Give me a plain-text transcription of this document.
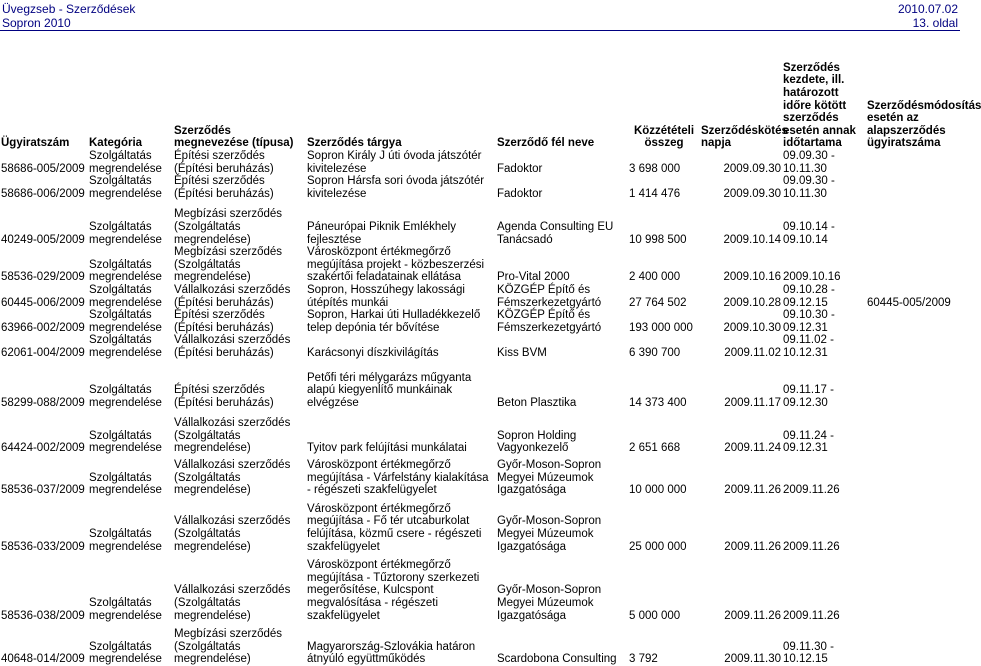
Üvegzseb - Szerződések
Sopron 2010
2010.07.02
13. oldal
Ügyiratszám	Kategória	Szerződés megnevezése (típusa)	Szerződés tárgya	Szerződő fél neve	Közzétételi összeg	Szerződéskötés napja	Szerződés kezdete, ill. határozott időre kötött szerződés esetén annak időtartama	Szerződésmódosítás esetén az alapszerződés ügyiratszáma
58686-005/2009	Szolgáltatás megrendelése	Építési szerződés (Építési beruházás)	Sopron Király J úti óvoda játszótér kivitelezése	Fadoktor	3 698 000	2009.09.30	09.09.30 - 10.11.30	
58686-006/2009	Szolgáltatás megrendelése	Építési szerződés (Építési beruházás)	Sopron Hársfa sori óvoda játszótér kivitelezése	Fadoktor	1 414 476	2009.09.30	09.09.30 - 10.11.30	

40249-005/2009	Szolgáltatás megrendelése	Megbízási szerződés (Szolgáltatás megrendelése)	Páneurópai Piknik Emlékhely fejlesztése	Agenda Consulting EU Tanácsadó	10 998 500	2009.10.14	09.10.14 - 09.10.14	
58536-029/2009	Szolgáltatás megrendelése	Megbízási szerződés (Szolgáltatás megrendelése)	Városközpont értékmegőrző megújítása projekt - közbeszerzési szakértői feladatainak ellátása	Pro-Vital 2000	2 400 000	2009.10.16	2009.10.16	
60445-006/2009	Szolgáltatás megrendelése	Vállalkozási szerződés (Építési beruházás)	Sopron, Hosszúhegy lakossági útépítés munkái	KÖZGÉP Építő és Fémszerkezetgyártó	27 764 502	2009.10.28	09.10.28 - 09.12.15	60445-005/2009
63966-002/2009	Szolgáltatás megrendelése	Építési szerződés (Építési beruházás)	Sopron, Harkai úti Hulladékkezelő telep depónia tér bővítése	KÖZGÉP Építő és Fémszerkezetgyártó	193 000 000	2009.10.30	09.10.30 - 09.12.31	
62061-004/2009	Szolgáltatás megrendelése	Vállalkozási szerződés (Építési beruházás)	Karácsonyi díszkivilágítás	Kiss BVM	6 390 700	2009.11.02	09.11.02 - 10.12.31	

58299-088/2009	Szolgáltatás megrendelése	Építési szerződés (Építési beruházás)	Petőfi téri mélygarázs műgyanta alapú kiegyenlítő munkáinak elvégzése	Beton Plasztika	14 373 400	2009.11.17	09.11.17 - 09.12.30	

64424-002/2009	Szolgáltatás megrendelése	Vállalkozási szerződés (Szolgáltatás megrendelése)	Tyitov park felújítási munkálatai	Sopron Holding Vagyonkezelő	2 651 668	2009.11.24	09.11.24 - 09.12.31	

58536-037/2009	Szolgáltatás megrendelése	Vállalkozási szerződés (Szolgáltatás megrendelése)	Városközpont értékmegőrző megújítása - Várfelstány kialakítása - régészeti szakfelügyelet	Győr-Moson-Sopron Megyei Múzeumok Igazgatósága	10 000 000	2009.11.26	2009.11.26	

58536-033/2009	Szolgáltatás megrendelése	Vállalkozási szerződés (Szolgáltatás megrendelése)	Városközpont értékmegőrző megújítása - Fő tér utcaburkolat felújítása, közmű csere - régészeti szakfelügyelet	Győr-Moson-Sopron Megyei Múzeumok Igazgatósága	25 000 000	2009.11.26	2009.11.26	

58536-038/2009	Szolgáltatás megrendelése	Vállalkozási szerződés (Szolgáltatás megrendelése)	Városközpont értékmegőrző megújítása - Tűztorony szerkezeti megerősítése, Kulcspont megvalósítása - régészeti szakfelügyelet	Győr-Moson-Sopron Megyei Múzeumok Igazgatósága	5 000 000	2009.11.26	2009.11.26	

40648-014/2009	Szolgáltatás megrendelése	Megbízási szerződés (Szolgáltatás megrendelése)	Magyarország-Szlovákia határon átnyúló együttműködés	Scardobona Consulting	3 792	2009.11.30	09.11.30 - 10.12.15	
